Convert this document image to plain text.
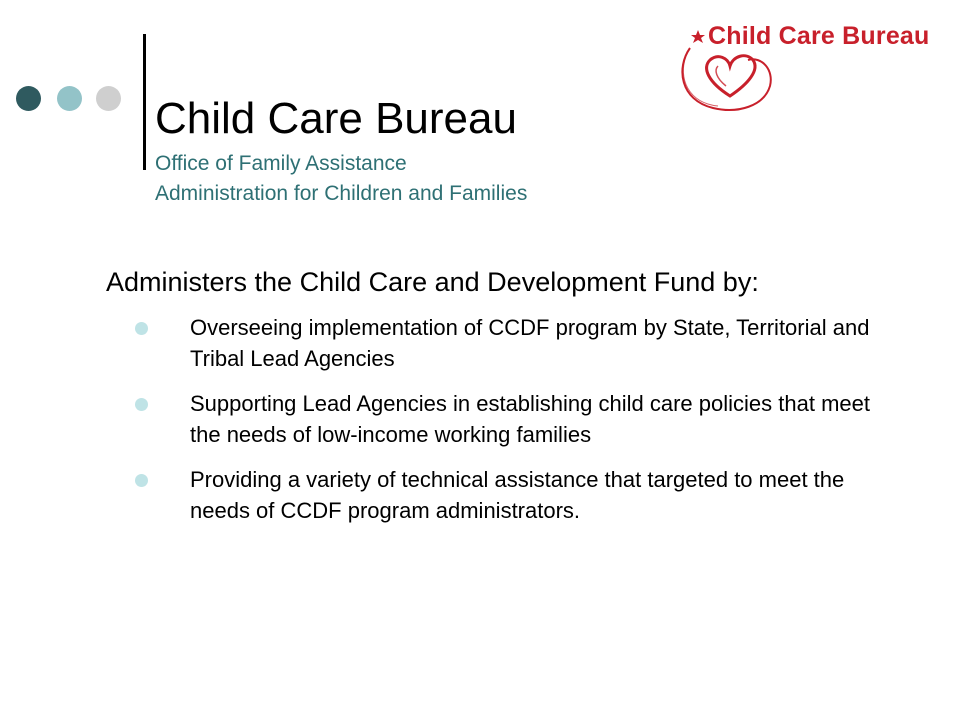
Child Care Bureau
Office of Family Assistance
Administration for Children and Families
Child Care Bureau
Administers the Child Care and Development Fund by:
Overseeing implementation of CCDF program by State, Territorial and Tribal Lead Agencies
Supporting Lead Agencies in establishing child care policies that meet the needs of low-income working families
Providing a variety of technical assistance that targeted to meet the needs of CCDF program administrators.
